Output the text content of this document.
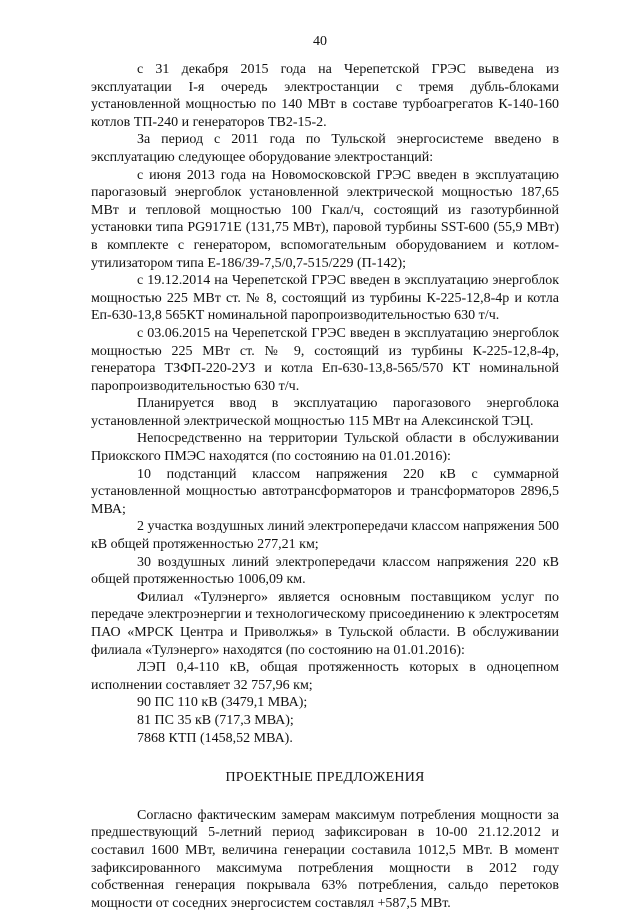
40

с 31 декабря 2015 года на Черепетской ГРЭС выведена из эксплуатации I-я очередь электростанции с тремя дубль-блоками установленной мощностью по 140 МВт в составе турбоагрегатов К-140-160 котлов ТП-240 и генераторов ТВ2-15-2.

За период с 2011 года по Тульской энергосистеме введено в эксплуатацию следующее оборудование электростанций:

с июня 2013 года на Новомосковской ГРЭС введен в эксплуатацию парогазовый энергоблок установленной электрической мощностью 187,65 МВт и тепловой мощностью 100 Гкал/ч, состоящий из газотурбинной установки типа PG9171E (131,75 МВт), паровой турбины SST-600 (55,9 МВт) в комплекте с генератором, вспомогательным оборудованием и котлом-утилизатором типа Е-186/39-7,5/0,7-515/229 (П-142);

с 19.12.2014 на Черепетской ГРЭС введен в эксплуатацию энергоблок мощностью 225 МВт ст. № 8, состоящий из турбины К-225-12,8-4р и котла Еп-630-13,8 565КТ номинальной паропроизводительностью 630 т/ч.

с 03.06.2015 на Черепетской ГРЭС введен в эксплуатацию энергоблок мощностью 225 МВт ст. № 9, состоящий из турбины К-225-12,8-4р, генератора ТЗФП-220-2УЗ и котла Еп-630-13,8-565/570 КТ номинальной паропроизводительностью 630 т/ч.

Планируется ввод в эксплуатацию парогазового энергоблока установленной электрической мощностью 115 МВт на Алексинской ТЭЦ.

Непосредственно на территории Тульской области в обслуживании Приокского ПМЭС находятся (по состоянию на 01.01.2016):

10 подстанций классом напряжения 220 кВ с суммарной установленной мощностью автотрансформаторов и трансформаторов 2896,5 МВА;

2 участка воздушных линий электропередачи классом напряжения 500 кВ общей протяженностью 277,21 км;

30 воздушных линий электропередачи классом напряжения 220 кВ общей протяженностью 1006,09 км.

Филиал «Тулэнерго» является основным поставщиком услуг по передаче электроэнергии и технологическому присоединению к электросетям ПАО «МРСК Центра и Приволжья» в Тульской области. В обслуживании филиала «Тулэнерго» находятся (по состоянию на 01.01.2016):

ЛЭП 0,4-110 кВ, общая протяженность которых в одноцепном исполнении составляет 32 757,96 км;

90 ПС 110 кВ (3479,1 МВА);

81 ПС 35 кВ (717,3 МВА);

7868 КТП (1458,52 МВА).

ПРОЕКТНЫЕ ПРЕДЛОЖЕНИЯ

Согласно фактическим замерам максимум потребления мощности за предшествующий 5-летний период зафиксирован в 10-00 21.12.2012 и составил 1600 МВт, величина генерации составила 1012,5 МВт. В момент зафиксированного максимума потребления мощности в 2012 году собственная генерация покрывала 63% потребления, сальдо перетоков мощности от соседних энергосистем составлял +587,5 МВт.
